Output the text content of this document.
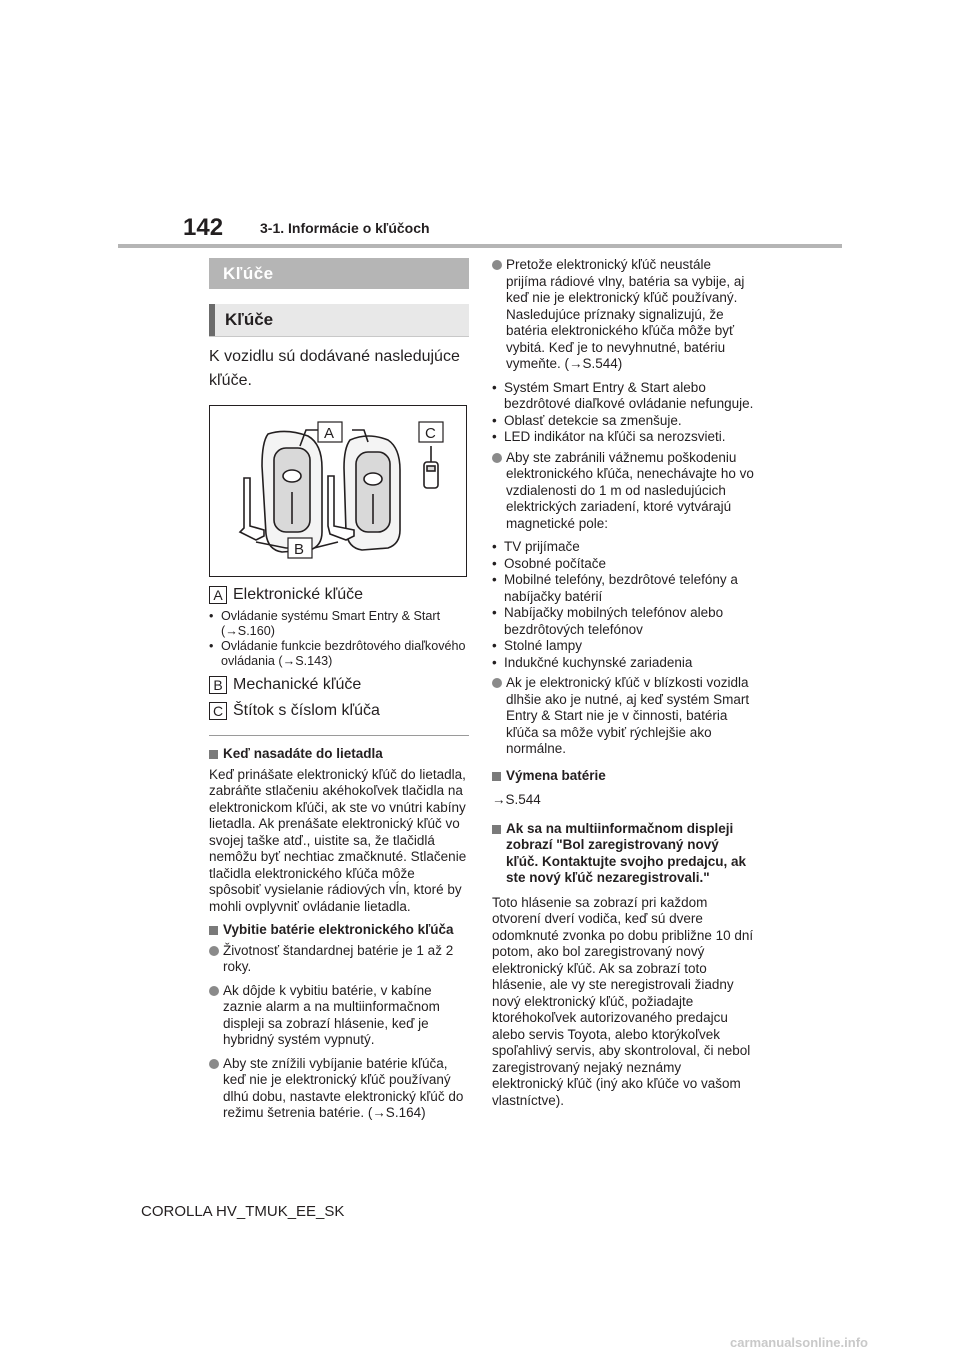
142	3-1. Informácie o kľúčoch
Kľúče
Kľúče
K vozidlu sú dodávané nasledujúce kľúče.
A	C
B
A Elektronické kľúče
• Ovládanie systému Smart Entry & Start (→S.160)
• Ovládanie funkcie bezdrôtového diaľkového ovládania (→S.143)
B Mechanické kľúče
C Štítok s číslom kľúča
Keď nasadáte do lietadla

Keď prinášate elektronický kľúč do lietadla, zabráňte stlačeniu akéhokoľvek tlačidla na elektronickom kľúči, ak ste vo vnútri kabíny lietadla. Ak prenášate elektronický kľúč vo svojej taške atď., uistite sa, že tlačidlá nemôžu byť nechtiac zmačknuté. Stlačenie tlačidla elektronického kľúča môže spôsobiť vysielanie rádiových vĺn, ktoré by mohli ovplyvniť ovládanie lietadla.

Vybitie batérie elektronického kľúča
Životnosť štandardnej batérie je 1 až 2 roky.
Ak dôjde k vybitiu batérie, v kabíne zaznie alarm a na multiinformačnom displeji sa zobrazí hlásenie, keď je hybridný systém vypnutý.
Aby ste znížili vybíjanie batérie kľúča, keď nie je elektronický kľúč používaný dlhú dobu, nastavte elektronický kľúč do režimu šetrenia batérie. (→S.164)
Pretože elektronický kľúč neustále prijíma rádiové vlny, batéria sa vybije, aj keď nie je elektronický kľúč používaný. Nasledujúce príznaky signalizujú, že batéria elektronického kľúča môže byť vybitá. Keď je to nevyhnutné, batériu vymeňte. (→S.544)
• Systém Smart Entry & Start alebo bezdrôtové diaľkové ovládanie nefunguje.
• Oblasť detekcie sa zmenšuje.
• LED indikátor na kľúči sa nerozsvieti.
Aby ste zabránili vážnemu poškodeniu elektronického kľúča, nenechávajte ho vo vzdialenosti do 1 m od nasledujúcich elektrických zariadení, ktoré vytvárajú magnetické pole:
• TV prijímače
• Osobné počítače
• Mobilné telefóny, bezdrôtové telefóny a nabíjačky batérií
• Nabíjačky mobilných telefónov alebo bezdrôtových telefónov
• Stolné lampy
• Indukčné kuchynské zariadenia
Ak je elektronický kľúč v blízkosti vozidla dlhšie ako je nutné, aj keď systém Smart Entry & Start nie je v činnosti, batéria kľúča sa môže vybiť rýchlejšie ako normálne.
Výmena batérie

→S.544

Ak sa na multiinformačnom displeji zobrazí "Bol zaregistrovaný nový kľúč. Kontaktujte svojho predajcu, ak ste nový kľúč nezaregistrovali."

Toto hlásenie sa zobrazí pri každom otvorení dverí vodiča, keď sú dvere odomknuté zvonka po dobu približne 10 dní potom, ako bol zaregistrovaný nový elektronický kľúč. Ak sa zobrazí toto hlásenie, ale vy ste neregistrovali žiadny nový elektronický kľúč, požiadajte ktoréhokoľvek autorizovaného predajcu alebo servis Toyota, alebo ktorýkoľvek spoľahlivý servis, aby skontroloval, či nebol zaregistrovaný nejaký neznámy elektronický kľúč (iný ako kľúče vo vašom vlastníctve).

COROLLA HV_TMUK_EE_SK
carmanualsonline.info
